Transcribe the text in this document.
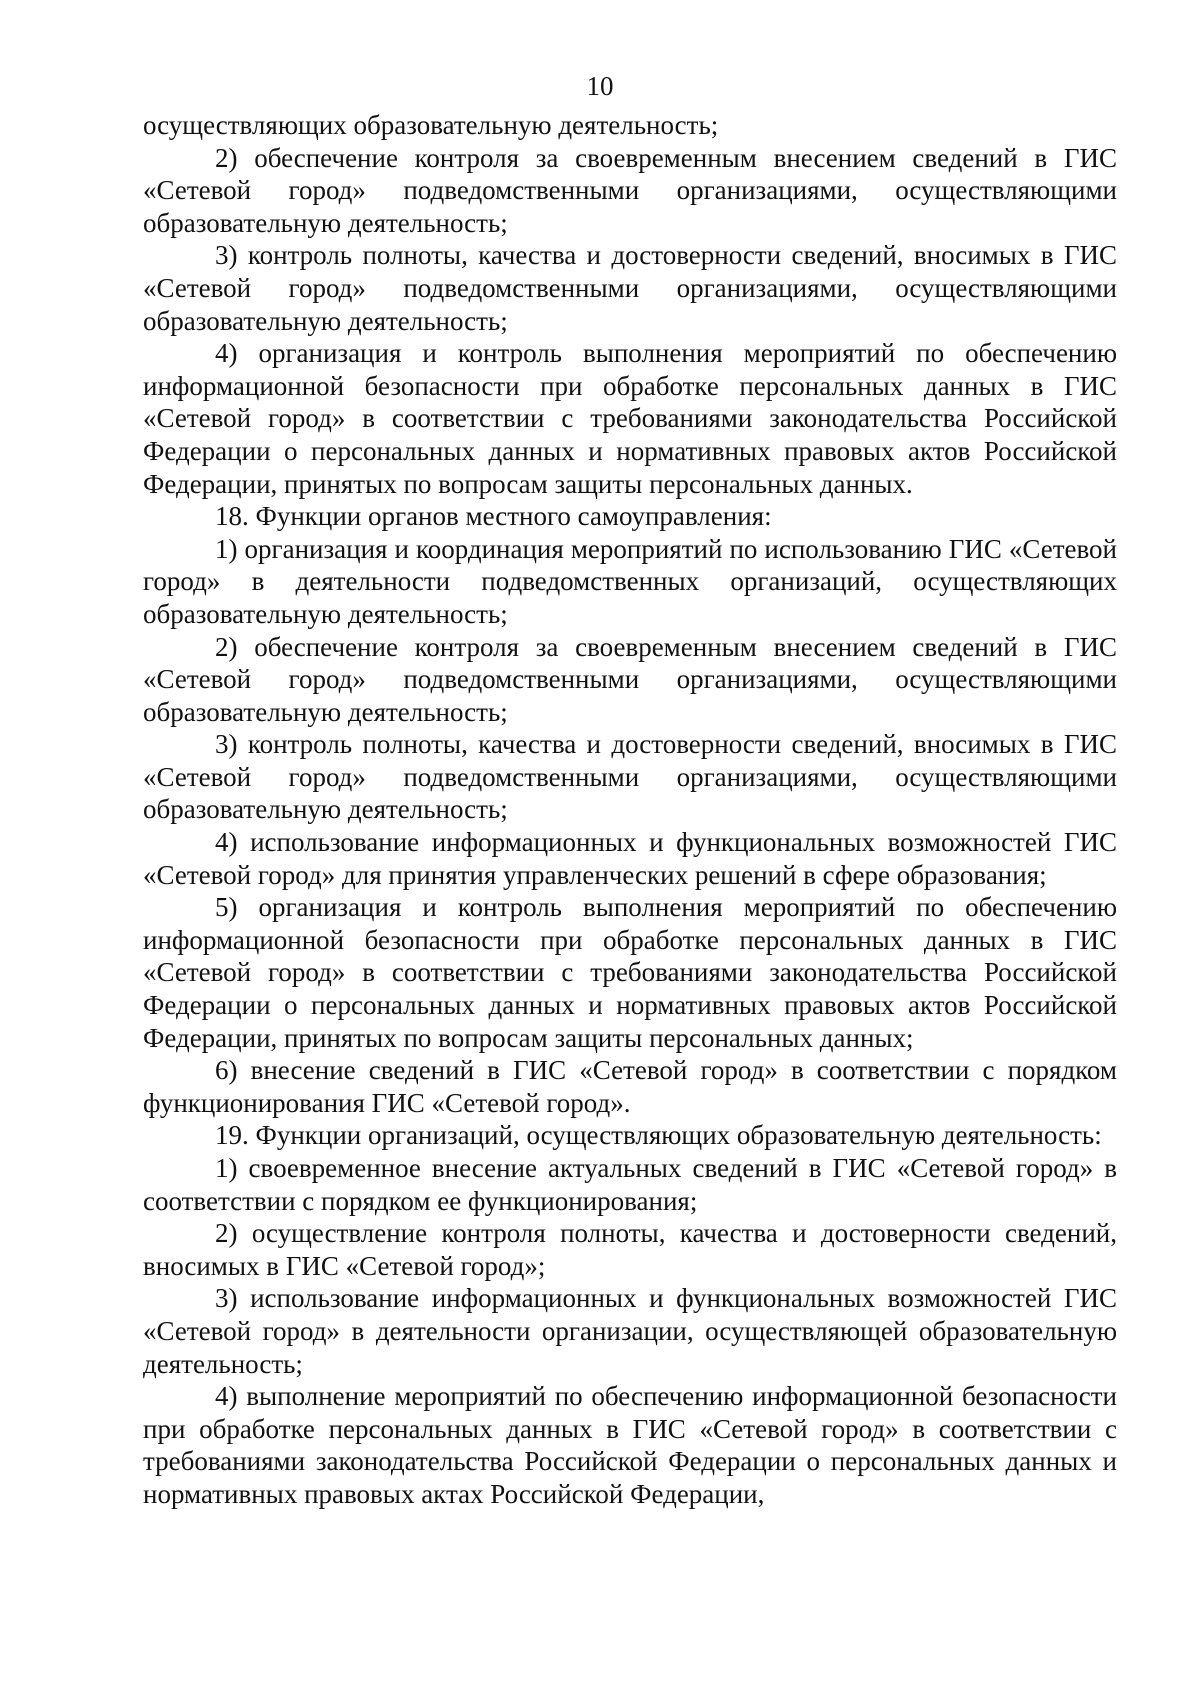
10

осуществляющих образовательную деятельность;

2) обеспечение контроля за своевременным внесением сведений в ГИС «Сетевой город» подведомственными организациями, осуществляющими образовательную деятельность;

3) контроль полноты, качества и достоверности сведений, вносимых в ГИС «Сетевой город» подведомственными организациями, осуществляющими образовательную деятельность;

4) организация и контроль выполнения мероприятий по обеспечению информационной безопасности при обработке персональных данных в ГИС «Сетевой город» в соответствии с требованиями законодательства Российской Федерации о персональных данных и нормативных правовых актов Российской Федерации, принятых по вопросам защиты персональных данных.

18. Функции органов местного самоуправления:

1) организация и координация мероприятий по использованию ГИС «Сетевой город» в деятельности подведомственных организаций, осуществляющих образовательную деятельность;

2) обеспечение контроля за своевременным внесением сведений в ГИС «Сетевой город» подведомственными организациями, осуществляющими образовательную деятельность;

3) контроль полноты, качества и достоверности сведений, вносимых в ГИС «Сетевой город» подведомственными организациями, осуществляющими образовательную деятельность;

4) использование информационных и функциональных возможностей ГИС «Сетевой город» для принятия управленческих решений в сфере образования;

5) организация и контроль выполнения мероприятий по обеспечению информационной безопасности при обработке персональных данных в ГИС «Сетевой город» в соответствии с требованиями законодательства Российской Федерации о персональных данных и нормативных правовых актов Российской Федерации, принятых по вопросам защиты персональных данных;

6) внесение сведений в ГИС «Сетевой город» в соответствии с порядком функционирования ГИС «Сетевой город».

19. Функции организаций, осуществляющих образовательную деятельность:

1) своевременное внесение актуальных сведений в ГИС «Сетевой город» в соответствии с порядком ее функционирования;

2) осуществление контроля полноты, качества и достоверности сведений, вносимых в ГИС «Сетевой город»;

3) использование информационных и функциональных возможностей ГИС «Сетевой город» в деятельности организации, осуществляющей образовательную деятельность;

4) выполнение мероприятий по обеспечению информационной безопасности при обработке персональных данных в ГИС «Сетевой город» в соответствии с требованиями законодательства Российской Федерации о персональных данных и нормативных правовых актах Российской Федерации,
